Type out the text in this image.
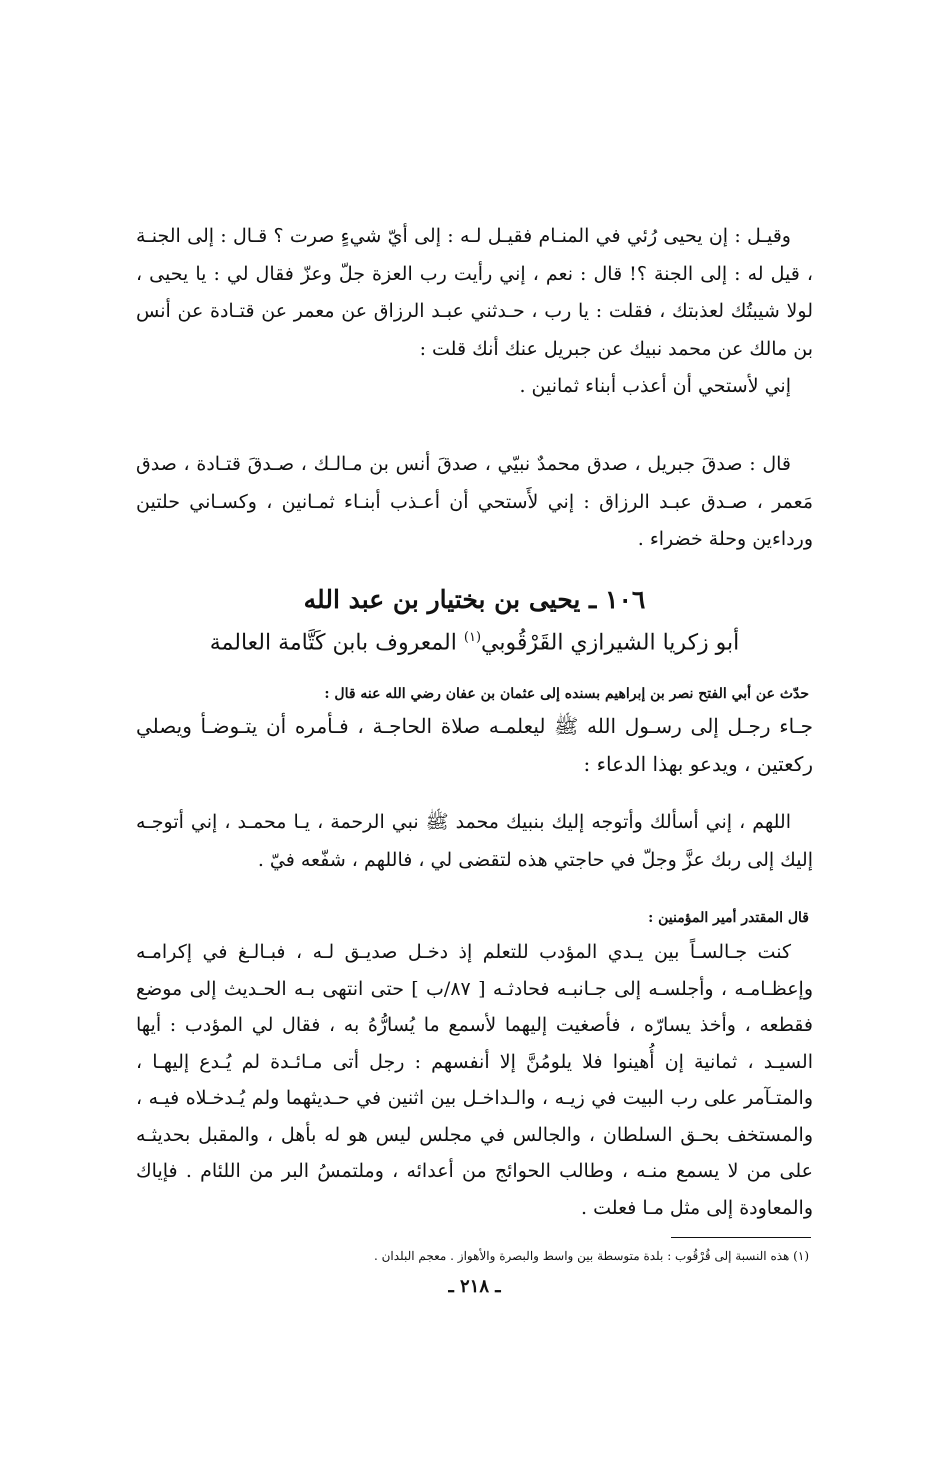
وقيـل : إن يحيى رُئي في المنـام فقيـل لـه : إلى أيّ شيءٍ صرت ؟ قـال : إلى الجنـة ، قيل له : إلى الجنة ؟! قال : نعم ، إني رأيت رب العزة جلّ وعزّ فقال لي : يا يحيى ، لولا شيبتُك لعذبتك ، فقلت : يا رب ، حـدثني عبـد الرزاق عن معمر عن قتـادة عن أنس بن مالك عن محمد نبيك عن جبريل عنك أنك قلت :

إني لأستحي أن أعذب أبناء ثمانين .

قال : صدقَ جبريل ، صدق محمدٌ نبيّي ، صدقَ أنس بن مـالـك ، صـدقَ قتـادة ، صدق مَعمر ، صـدق عبـد الرزاق : إني لأَستحي أن أعـذب أبنـاء ثمـانين ، وكسـاني حلتين ورداءين وحلة خضراء .

١٠٦ ـ يحيى بن بختيار بن عبد الله
أبو زكريا الشيرازي القَرْقُوبي$^{(١)}$ المعروف بابن كَتَّامة العالمة
حدّث عن أبي الفتح نصر بن إبراهيم بسنده إلى عثمان بن عفان رضي الله عنه قال :

جـاء رجـل إلى رسـول الله ﷺ ليعلمـه صلاة الحاجـة ، فـأمره أن يتـوضـأ ويصلي ركعتين ، ويدعو بهذا الدعاء :

اللهم ، إني أسألك وأتوجه إليك بنبيك محمد ﷺ نبي الرحمة ، يـا محمـد ، إني أتوجـه إليك إلى ربك عزَّ وجلّ في حاجتي هذه لتقضى لي ، فاللهم ، شفّعه فيّ .

قال المقتدر أمير المؤمنين :

كنت جـالسـاً بين يـدي المؤدب للتعلم إذ دخـل صديـق لـه ، فبـالـغ في إكرامـه وإعظـامـه ، وأجلسـه إلى جـانبـه فحادثـه [ ٨٧/ب ] حتى انتهى بـه الحـديث إلى موضع فقطعه ، وأخذ يسارّه ، فأصغيت إليهما لأسمع ما يُسارُّهُ به ، فقال لي المؤدب : أيها السيـد ، ثمانية إن أُهينوا فلا يلومُنَّ إلا أنفسهم : رجل أتى مـائـدة لم يُـدع إليهـا ، والمتـآمر على رب البيت في زيـه ، والـداخـل بين اثنين في حـديثهما ولم يُـدخـلاه فيـه ، والمستخف بحـق السلطان ، والجالس في مجلس ليس هو له بأهل ، والمقبل بحديثـه على من لا يسمع منـه ، وطالب الحوائج من أعدائه ، وملتمسُ البر من اللئام . فإياك والمعاودة إلى مثل مـا فعلت .

(١) هذه النسبة إلى قُرْقُوب : بلدة متوسطة بين واسط والبصرة والأهواز . معجم البلدان .
ـ ٢١٨ ـ
